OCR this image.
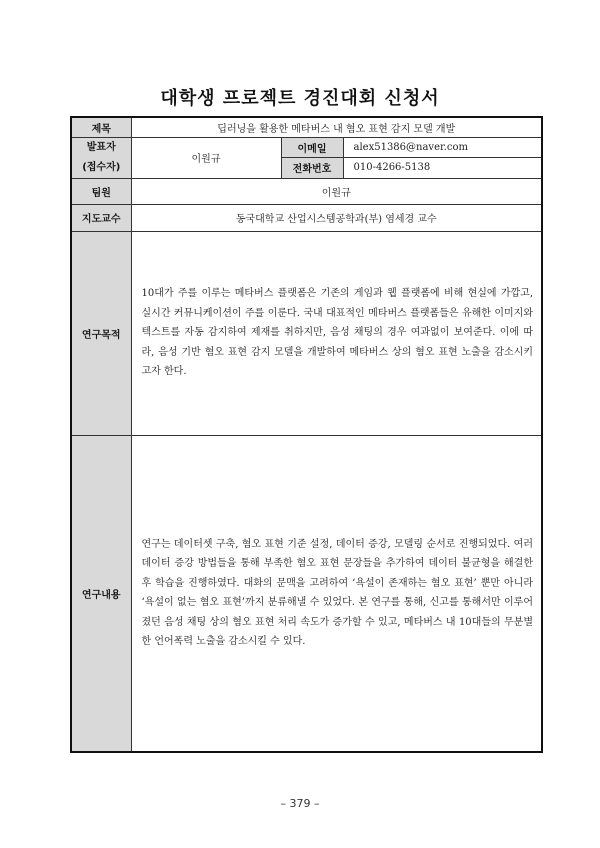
대학생 프로젝트 경진대회 신청서
제목	딥러닝을 활용한 메타버스 내 혐오 표현 감지 모델 개발		

발표자
(접수자)	이원규	이메일	alex51386@naver.com
		전화번호	010-4266-5138
팀원	이원규		
지도교수	동국대학교 산업시스템공학과(부) 염세경 교수		
연구목적	10대가 주를 이루는 메타버스 플랫폼은 기존의 게임과 웹 플랫폼에 비해 현실에 가깝고, 실시간 커뮤니케이션이 주를 이룬다. 국내 대표적인 메타버스 플랫폼들은 유해한 이미지와 텍스트를 자동 감지하여 제재를 취하지만, 음성 채팅의 경우 여과없이 보여준다. 이에 따라, 음성 기반 혐오 표현 감지 모델을 개발하여 메타버스 상의 혐오 표현 노출을 감소시키고자 한다.		
연구내용	연구는 데이터셋 구축, 혐오 표현 기준 설정, 데이터 증강, 모델링 순서로 진행되었다. 여러 데이터 증강 방법들을 통해 부족한 혐오 표현 문장들을 추가하여 데이터 불균형을 해결한 후 학습을 진행하였다. 대화의 문맥을 고려하여 ‘욕설이 존재하는 혐오 표현’ 뿐만 아니라 ‘욕설이 없는 혐오 표현’까지 분류해낼 수 있었다. 본 연구를 통해, 신고를 통해서만 이루어졌던 음성 채팅 상의 혐오 표현 처리 속도가 증가할 수 있고, 메타버스 내 10대들의 무분별한 언어폭력 노출을 감소시킬 수 있다.		
– 379 –
